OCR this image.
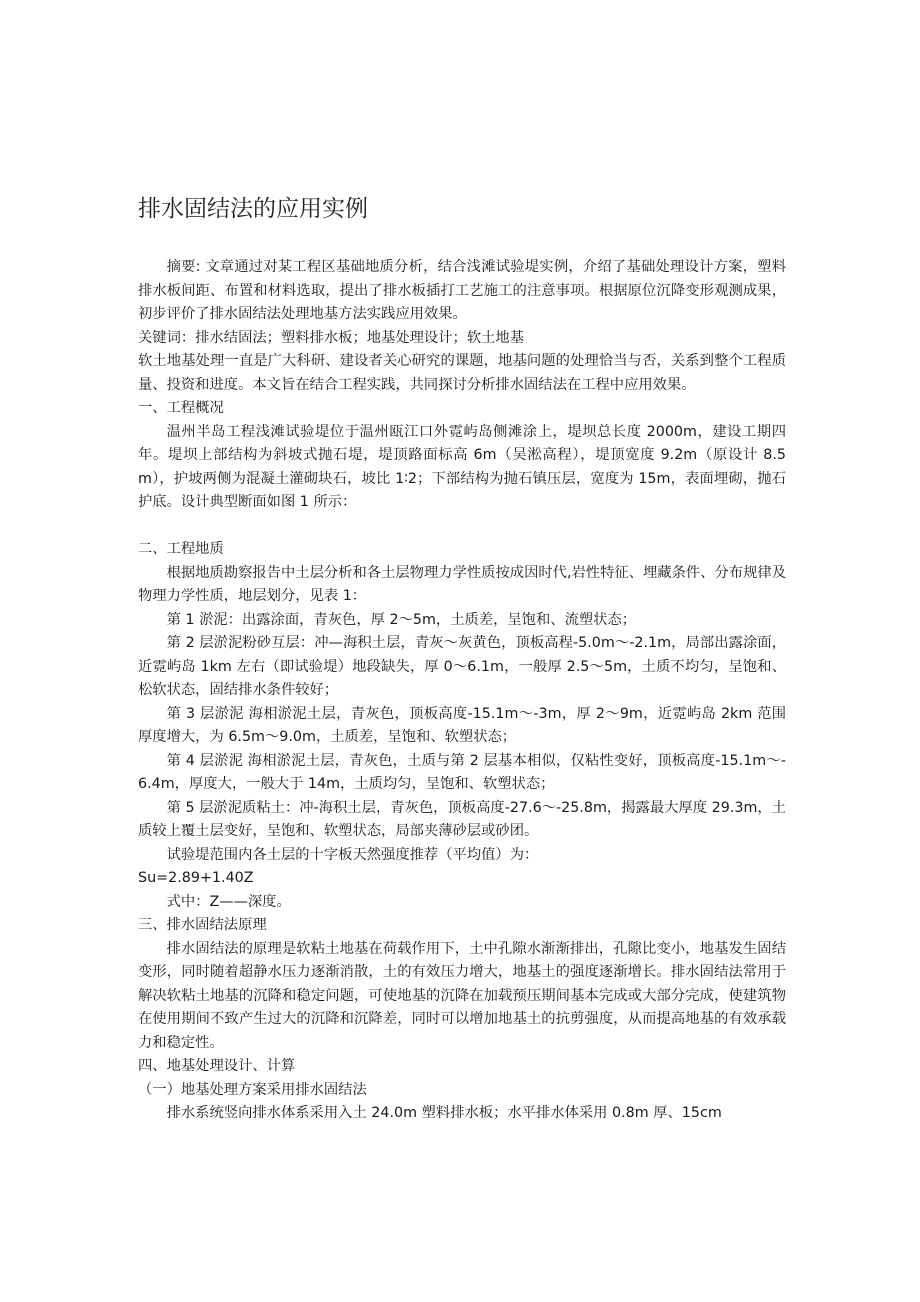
排水固结法的应用实例

摘要: 文章通过对某工程区基础地质分析，结合浅滩试验堤实例，介绍了基础处理设计方案，塑料排水板间距、布置和材料选取，提出了排水板插打工艺施工的注意事项。根据原位沉降变形观测成果，初步评价了排水固结法处理地基方法实践应用效果。

关键词：排水结固法；塑料排水板；地基处理设计；软土地基

软土地基处理一直是广大科研、建设者关心研究的课题，地基问题的处理恰当与否，关系到整个工程质量、投资和进度。本文旨在结合工程实践，共同探讨分析排水固结法在工程中应用效果。

一、工程概况

温州半岛工程浅滩试验堤位于温州瓯江口外霓屿岛侧滩涂上，堤坝总长度 2000m，建设工期四年。堤坝上部结构为斜坡式抛石堤，堤顶路面标高 6m（吴淞高程），堤顶宽度 9.2m（原设计 8.5m），护坡两侧为混凝土灌砌块石，坡比 1∶2；下部结构为抛石镇压层，宽度为 15m，表面埋砌，抛石护底。设计典型断面如图 1 所示：

二、工程地质

根据地质勘察报告中土层分析和各土层物理力学性质按成因时代,岩性特征、埋藏条件、分布规律及物理力学性质，地层划分，见表 1：

第 1 淤泥：出露涂面，青灰色，厚 2～5m，土质差，呈饱和、流塑状态；

第 2 层淤泥粉砂互层：冲—海积土层，青灰～灰黄色，顶板高程-5.0m～-2.1m，局部出露涂面，近霓屿岛 1km 左右（即试验堤）地段缺失，厚 0～6.1m，一般厚 2.5～5m，土质不均匀，呈饱和、松软状态，固结排水条件较好；

第 3 层淤泥 海相淤泥土层，青灰色，顶板高度-15.1m～-3m，厚 2～9m，近霓屿岛 2km 范围厚度增大，为 6.5m～9.0m，土质差，呈饱和、软塑状态；

第 4 层淤泥 海相淤泥土层，青灰色，土质与第 2 层基本相似，仅粘性变好，顶板高度-15.1m～-6.4m，厚度大，一般大于 14m，土质均匀，呈饱和、软塑状态；

第 5 层淤泥质粘土：冲-海积土层，青灰色，顶板高度-27.6～-25.8m，揭露最大厚度 29.3m，土质较上覆土层变好，呈饱和、软塑状态，局部夹薄砂层或砂团。

试验堤范围内各土层的十字板天然强度推荐（平均值）为：

Su=2.89+1.40Z

式中：Z——深度。

三、排水固结法原理

排水固结法的原理是软粘土地基在荷载作用下，土中孔隙水渐渐排出，孔隙比变小，地基发生固结变形，同时随着超静水压力逐渐消散，土的有效压力增大，地基土的强度逐渐增长。排水固结法常用于解决软粘土地基的沉降和稳定问题，可使地基的沉降在加载预压期间基本完成或大部分完成，使建筑物在使用期间不致产生过大的沉降和沉降差，同时可以增加地基土的抗剪强度，从而提高地基的有效承载力和稳定性。

四、地基处理设计、计算

（一）地基处理方案采用排水固结法

排水系统竖向排水体系采用入土 24.0m 塑料排水板；水平排水体采用 0.8m 厚、15cm
